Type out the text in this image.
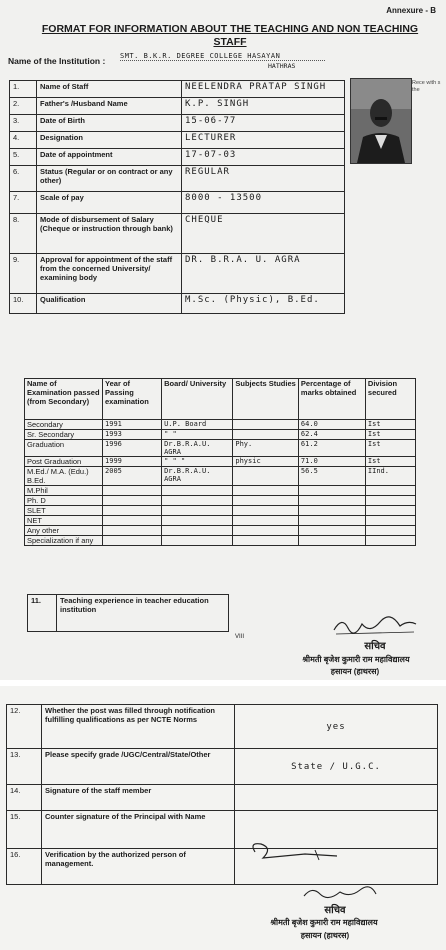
Annexure - B
FORMAT FOR INFORMATION ABOUT THE TEACHING AND NON TEACHING STAFF
Name of the Institution : SMT. B.K.R. DEGREE COLLEGE HASAYAN
HATHRAS
1.	Name of Staff	NEELENDRA PRATAP SINGH
2.	Father's /Husband Name	K.P. SINGH
3.	Date of Birth	15-06-77
4.	Designation	LECTURER
5.	Date of appointment	17-07-03
6.	Status (Regular or on contract or any other)	REGULAR
7.	Scale of pay	8000 - 13500
8.	Mode of disbursement of Salary (Cheque or instruction through bank)	CHEQUE
9.	Approval for appointment of the staff from the concerned University/ examining body	DR. B.R.A. U. AGRA
10.	Qualification	M.Sc. (Physic), B.Ed.
Rece with s the
Name of Examination passed (from Secondary)	Year of Passing examination	Board/ University	Subjects Studies	Percentage of marks obtained	Division secured
Secondary	1991	U.P. Board		64.0	Ist
Sr. Secondary	1993	" "		62.4	Ist
Graduation	1996	Dr.B.R.A.U. AGRA	Phy.	61.2	Ist
Post Graduation	1999	" " "	physic	71.0	Ist
M.Ed./ M.A. (Edu.) B.Ed.	2005	Dr.B.R.A.U. AGRA		56.5	IInd.
M.Phil					
Ph. D					
SLET					
NET					
Any other					
Specialization if any					
11.	Teaching experience in teacher education institution
VIII
सचिव
श्रीमती बृजेश कुमारी राम महाविद्यालय
हसायन (हाथरस)
12.	Whether the post was filled through notification fulfilling qualifications as per NCTE Norms	yes
13.	Please specify grade /UGC/Central/State/Other	State / U.G.C.
14.	Signature of the staff member	
15.	Counter signature of the Principal with Name	
16.	Verification by the authorized person of management.	
सचिव
श्रीमती बृजेश कुमारी राम महाविद्यालय
हसायन (हाथरस)
